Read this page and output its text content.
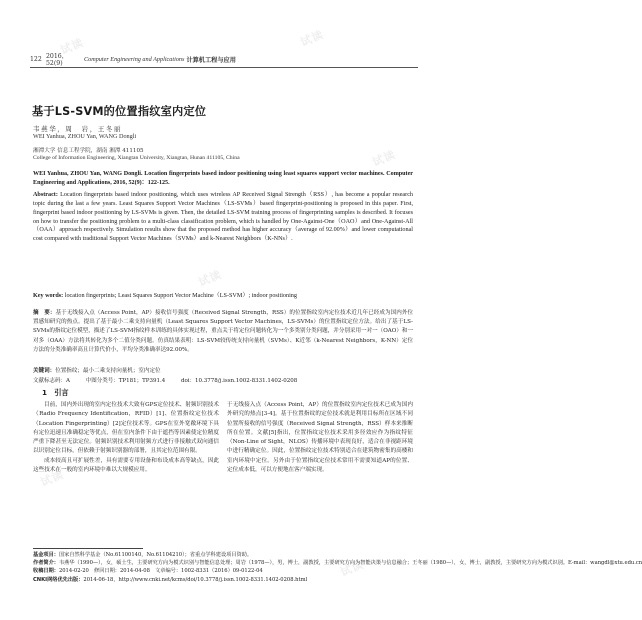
试读	试读
试读
试读
试读
试读
122 2016，52(9)
Computer Engineering and Applications 计算机工程与应用
基于LS-SVM的位置指纹室内定位
韦燕华，周　岩，王冬丽
WEI Yanhua, ZHOU Yan, WANG Dongli
湘潭大学 信息工程学院，湖南 湘潭 411105
College of Information Engineering, Xiangtan University, Xiangtan, Hunan 411105, China
WEI Yanhua, ZHOU Yan, WANG Dongli. Location fingerprints based indoor positioning using least squares support vector machines. Computer Engineering and Applications, 2016, 52(9)：122-125.
Abstract: Location fingerprints based indoor positioning, which uses wireless AP Received Signal Strength（RSS）, has become a popular research topic during the last a few years. Least Squares Support Vector Machines（LS-SVMs）based fingerprint-positioning is proposed in this paper. First, fingerprint based indoor positioning by LS-SVMs is given. Then, the detailed LS-SVM training process of fingerprinting samples is described. It focuses on how to transfer the positioning problem to a multi-class classification problem, which is handled by One-Against-One（OAO）and One-Against-All（OAA）approach respectively. Simulation results show that the proposed method has higher accuracy（average of 92.00%）and lower computational cost compared with traditional Support Vector Machines（SVMs）and k-Nearest Neighbors（K-NNs）.
Key words: location fingerprints; Least Squares Support Vector Machine（LS-SVM）; indoor positioning
摘　要：基于无线接入点（Access Point，AP）接收信号强度（Received Signal Strength，RSS）的位置指纹室内定位技术近几年已经成为国内外位置感知研究的热点。提出了基于最小二乘支持向量机（Least Squares Support Vector Machines，LS-SVMs）的位置指纹定位方法。给出了基于LS-SVMs的指纹定位模型，描述了LS-SVM指纹样本训练的具体实现过程，重点关于将定位问题转化为一个多类别分类问题，并分别采用一对一（OAO）和一对多（OAA）方法将其转化为多个二值分类问题。仿真结果表明：LS-SVM较传统支持向量机（SVMs）、K近邻（k-Nearest Neighbors，K-NN）定位方法的分类准确率高且计算代价小，平均分类准确率达92.00%。
关键词：位置指纹；最小二乘支持向量机；室内定位
文献标志码：A	中图分类号：TP181；TP391.4	doi：10.3778/j.issn.1002-8331.1402-0208
1　引言

目前，国内外出现的室内定位技术大致有GPS定位技术、射频识别技术（Radio Frequency Identification，RFID）[1]、位置指纹定位技术（Location Fingerprinting）[2]定位技术等。GPS在室外宽敞环境下具有定位迅速且准确稳定等优点，但在室内条件下由于遮挡等因素使定位精度严重下降甚至无法定位。射频识别技术利用射频方式进行非接触式双向通信以识别定位目标，但依赖于射频识别器的部署，且其定位范围有限。

成本较高且可扩展性差，具有需要专用设备和布设成本高等缺点，因此这些技术在一般的室内环境中难以大规模应用。

于无线接入点（Access Point，AP）的位置指纹室内定位技术已成为国内外研究的热点[3-4]。基于位置指纹的定位技术就是利用目标所在区域不同位置所接收的信号强度（Received Signal Strength，RSS）样本来推断所在位置。文献[5]指出，位置指纹定位技术采用多径效应作为指纹特征（Non-Line of Sight，NLOS）传播环境中表现良好，适合在非视距环境中进行精确定位。因此，位置指纹定位技术特别适合在建筑物密集的高楼和室内环境中定位。另外由于位置指纹定位技术常用不需要知道AP的位置、定位成本低，可以方便地在客户端实现。

基金项目：国家自然科学基金（No.61100140，No.61104210）；省重点学科建设项目资助。
作者简介：韦燕华（1990—），女，硕士生，主要研究方向为模式识别与智能信息处理；周岩（1978—），男，博士，副教授，主要研究方向为智能决策与信息融合；王冬丽（1980—），女，博士，副教授，主要研究方向为模式识别。E-mail：wangdl@xtu.edu.cn
收稿日期：2014-02-20　修回日期：2014-04-08　文章编号：1002-8331（2016）09-0122-04
CNKI网络优先出版：2014-06-18，http://www.cnki.net/kcms/doi/10.3778/j.issn.1002-8331.1402-0208.html
